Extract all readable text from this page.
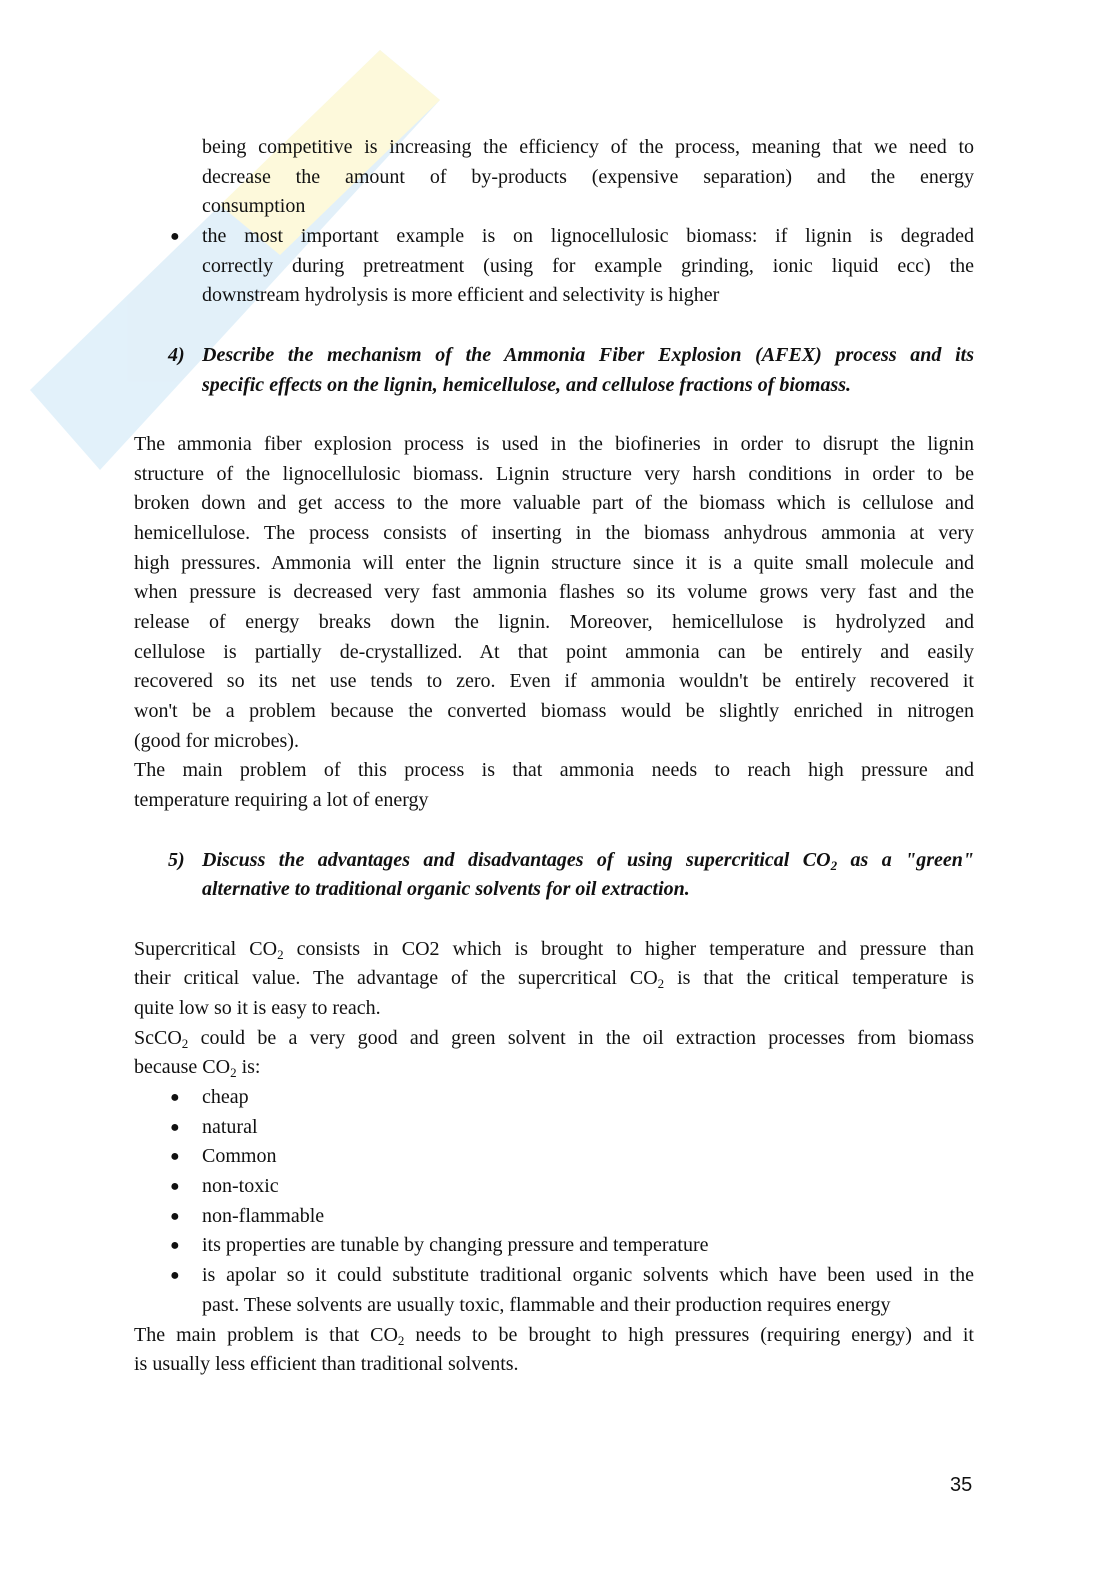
being competitive is increasing the efficiency of the process, meaning that we need to
decrease the amount of by-products (expensive separation) and the energy
consumption
● the most important example is on lignocellulosic biomass: if lignin is degraded
correctly during pretreatment (using for example grinding, ionic liquid ecc) the
downstream hydrolysis is more efficient and selectivity is higher
4) Describe the mechanism of the Ammonia Fiber Explosion (AFEX) process and its
specific effects on the lignin, hemicellulose, and cellulose fractions of biomass.
The ammonia fiber explosion process is used in the biofineries in order to disrupt the lignin
structure of the lignocellulosic biomass. Lignin structure very harsh conditions in order to be
broken down and get access to the more valuable part of the biomass which is cellulose and
hemicellulose. The process consists of inserting in the biomass anhydrous ammonia at very
high pressures. Ammonia will enter the lignin structure since it is a quite small molecule and
when pressure is decreased very fast ammonia flashes so its volume grows very fast and the
release of energy breaks down the lignin. Moreover, hemicellulose is hydrolyzed and
cellulose is partially de-crystallized. At that point ammonia can be entirely and easily
recovered so its net use tends to zero. Even if ammonia wouldn't be entirely recovered it
won't be a problem because the converted biomass would be slightly enriched in nitrogen
(good for microbes).
The main problem of this process is that ammonia needs to reach high pressure and
temperature requiring a lot of energy
5) Discuss the advantages and disadvantages of using supercritical $CO_2$ as a "green"
alternative to traditional organic solvents for oil extraction.
Supercritical $CO_2$ consists in CO2 which is brought to higher temperature and pressure than
their critical value. The advantage of the supercritical $CO_2$ is that the critical temperature is
quite low so it is easy to reach.
ScCO$_2$ could be a very good and green solvent in the oil extraction processes from biomass
because $CO_2$ is:
● cheap
● natural
● Common
● non-toxic
● non-flammable
● its properties are tunable by changing pressure and temperature
● is apolar so it could substitute traditional organic solvents which have been used in the
past. These solvents are usually toxic, flammable and their production requires energy
The main problem is that $CO_2$ needs to be brought to high pressures (requiring energy) and it
is usually less efficient than traditional solvents.
35
